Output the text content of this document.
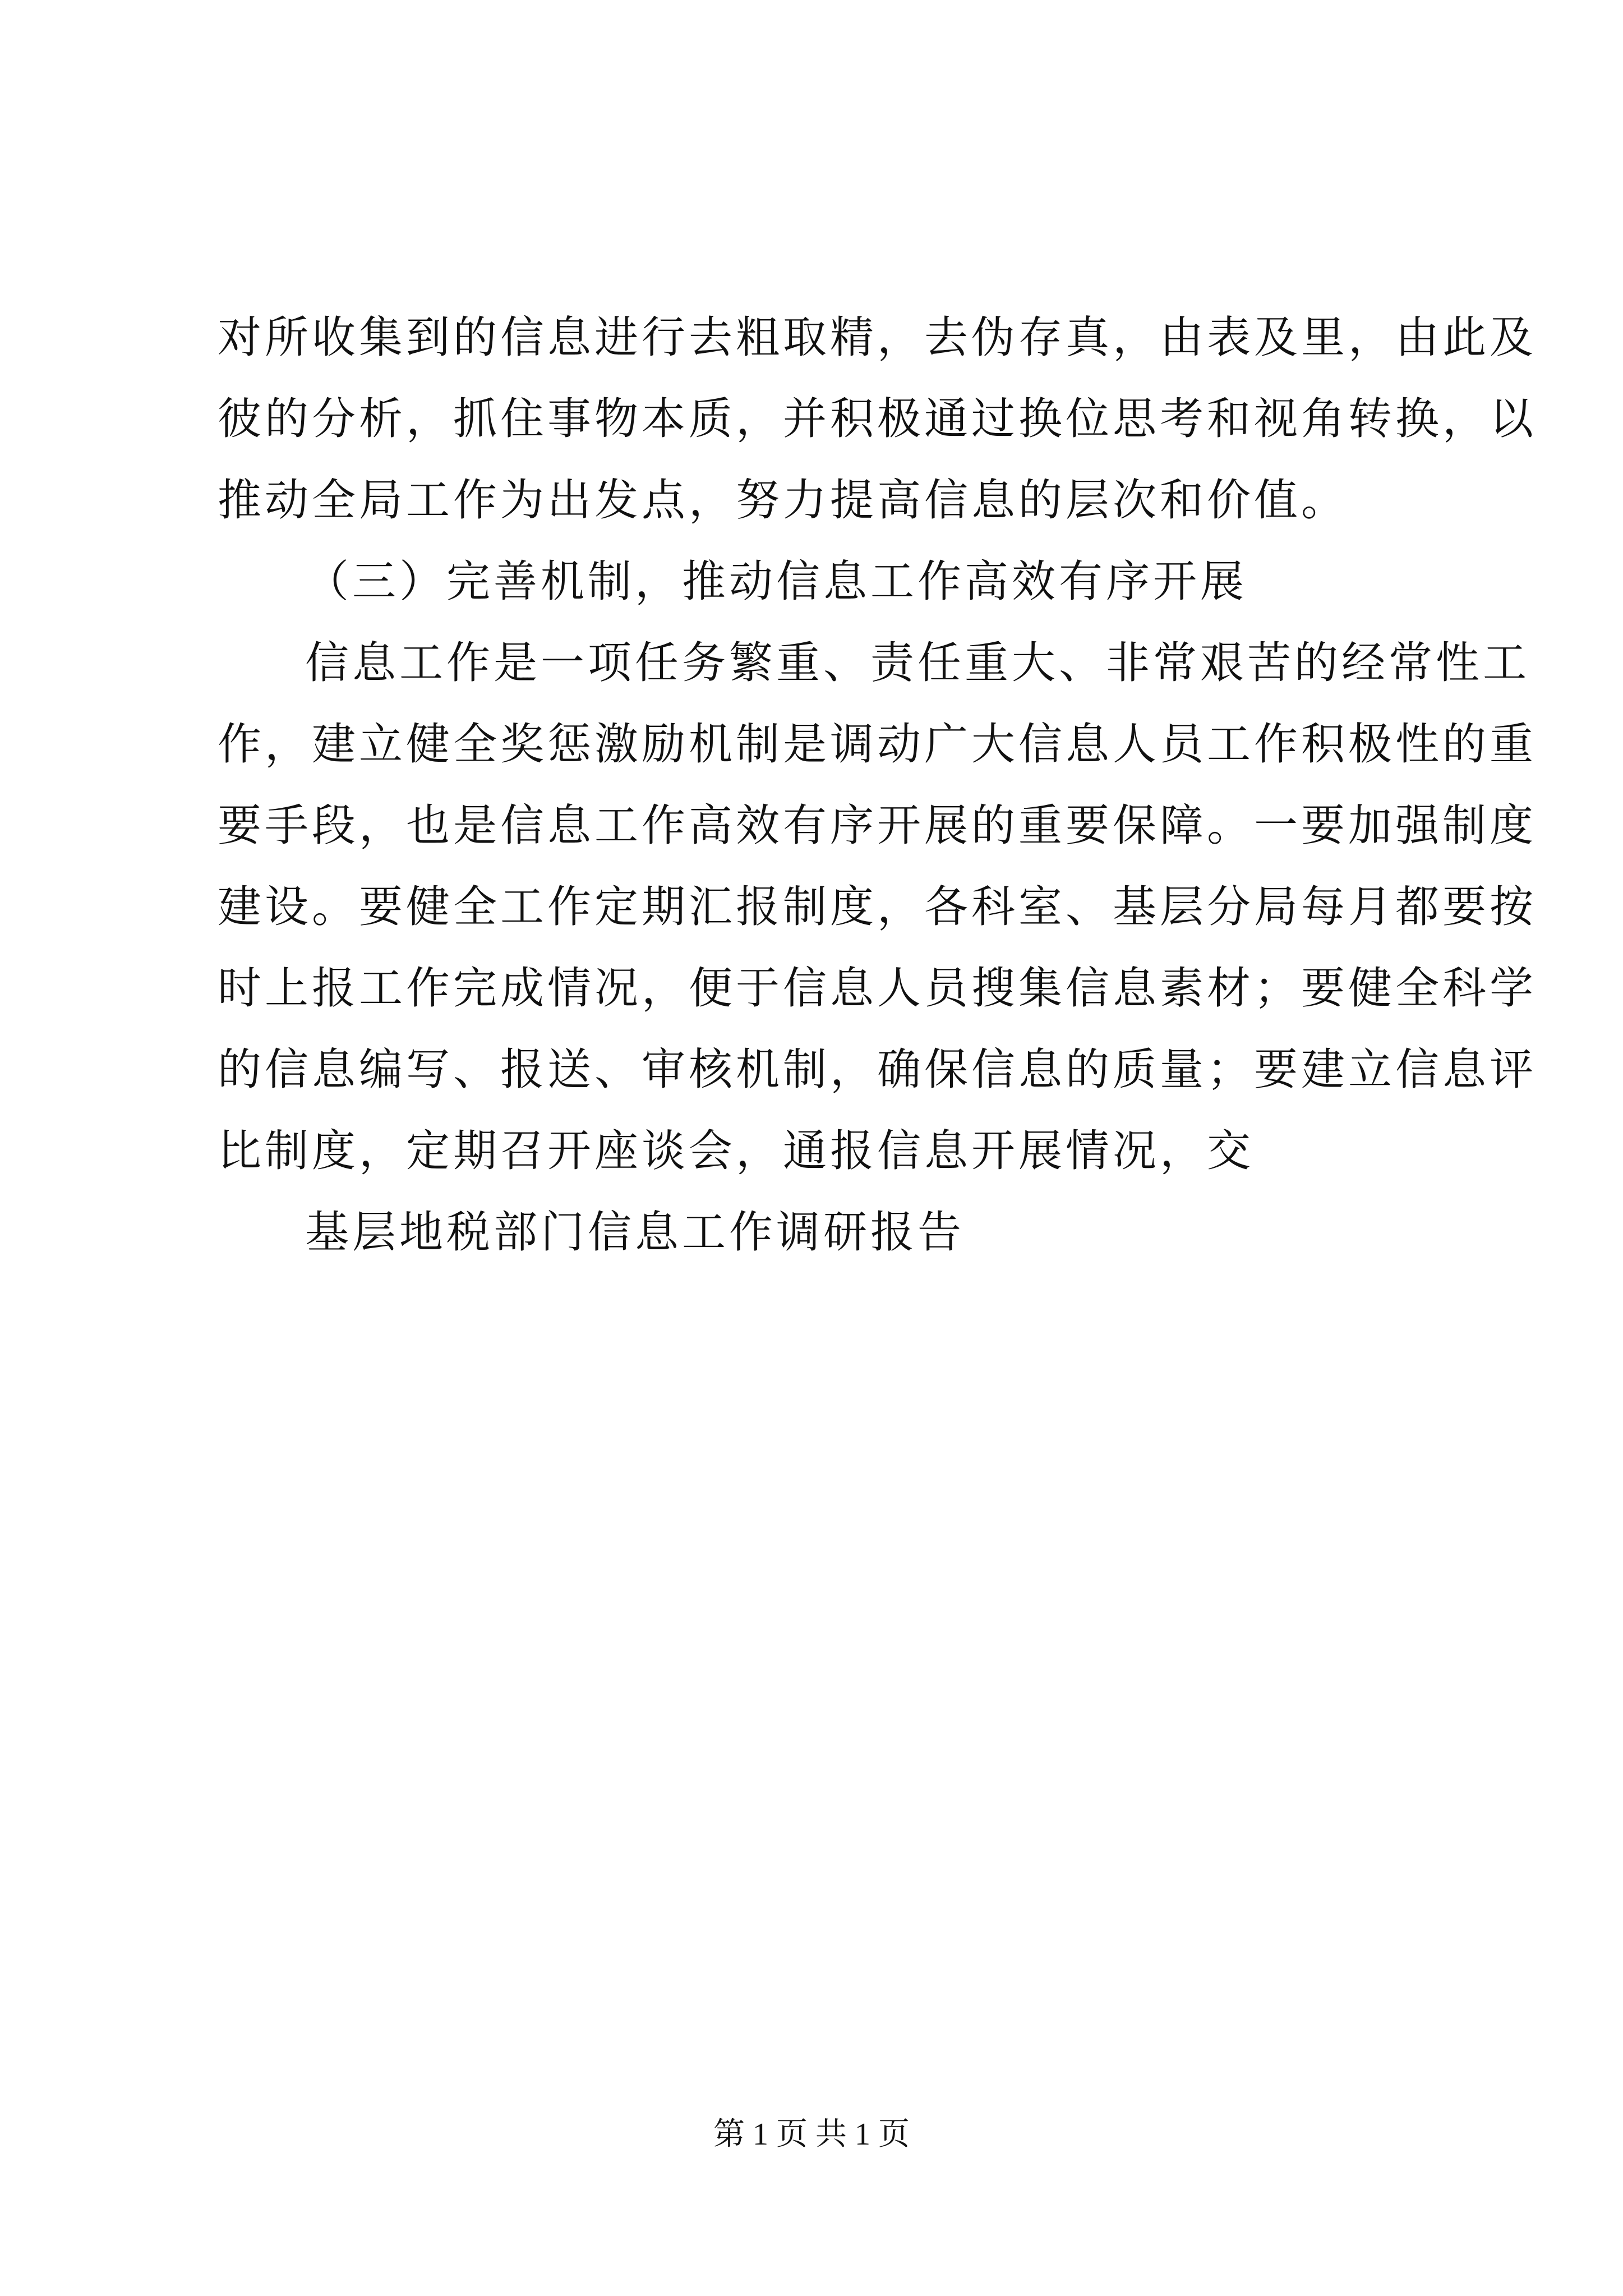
对所收集到的信息进行去粗取精，去伪存真，由表及里，由此及
彼的分析，抓住事物本质，并积极通过换位思考和视角转换，以
推动全局工作为出发点，努力提高信息的层次和价值。
（三）完善机制，推动信息工作高效有序开展
信息工作是一项任务繁重、责任重大、非常艰苦的经常性工
作，建立健全奖惩激励机制是调动广大信息人员工作积极性的重
要手段，也是信息工作高效有序开展的重要保障。一要加强制度
建设。要健全工作定期汇报制度，各科室、基层分局每月都要按
时上报工作完成情况，便于信息人员搜集信息素材；要健全科学
的信息编写、报送、审核机制，确保信息的质量；要建立信息评
比制度，定期召开座谈会，通报信息开展情况，交
基层地税部门信息工作调研报告
第 1 页 共 1 页
